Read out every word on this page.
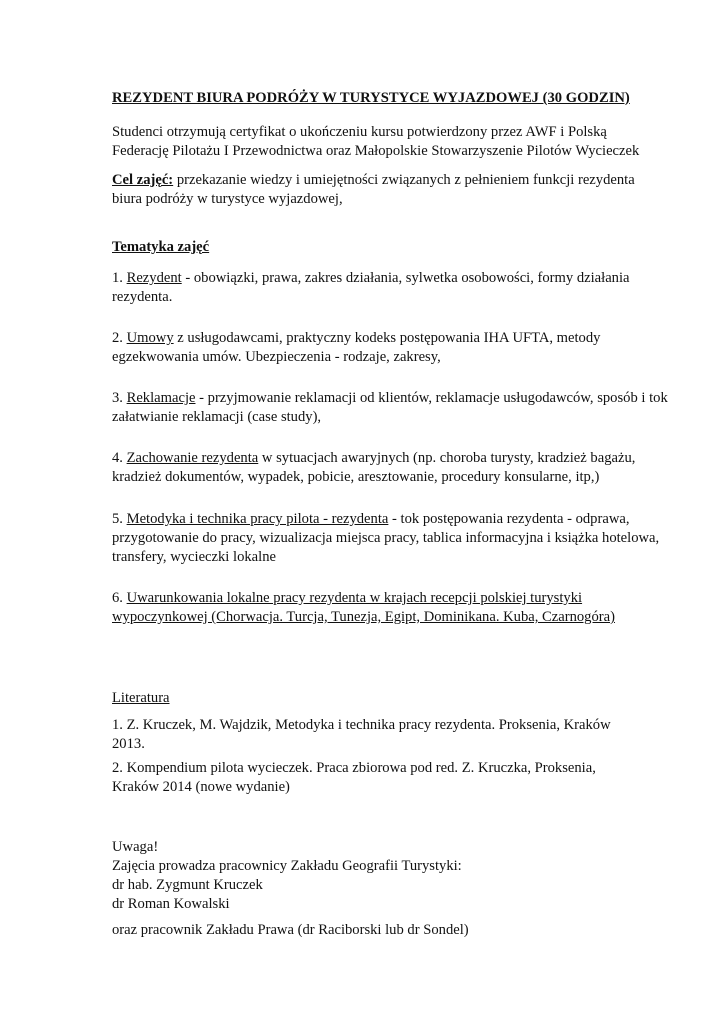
REZYDENT BIURA PODRÓŻY W TURYSTYCE WYJAZDOWEJ (30 GODZIN)

Studenci otrzymują certyfikat o ukończeniu kursu potwierdzony przez AWF i Polską
Federację Pilotażu I Przewodnictwa oraz Małopolskie Stowarzyszenie Pilotów Wycieczek

Cel zajęć: przekazanie wiedzy i umiejętności związanych z pełnieniem funkcji rezydenta
biura podróży w turystyce wyjazdowej,

Tematyka zajęć

1. Rezydent - obowiązki, prawa, zakres działania, sylwetka osobowości, formy działania
rezydenta.

2. Umowy z usługodawcami, praktyczny kodeks postępowania IHA UFTA, metody
egzekwowania umów. Ubezpieczenia - rodzaje, zakresy,

3. Reklamacje - przyjmowanie reklamacji od klientów, reklamacje usługodawców, sposób i tok
załatwianie reklamacji (case study),

4. Zachowanie rezydenta w sytuacjach awaryjnych (np. choroba turysty, kradzież bagażu,
kradzież dokumentów, wypadek, pobicie, aresztowanie, procedury konsularne, itp,)

5. Metodyka i technika pracy pilota - rezydenta - tok postępowania rezydenta - odprawa,
przygotowanie do pracy, wizualizacja miejsca pracy, tablica informacyjna i książka hotelowa,
transfery, wycieczki lokalne

6. Uwarunkowania lokalne pracy rezydenta w krajach recepcji polskiej turystyki
wypoczynkowej (Chorwacja. Turcja, Tunezja, Egipt, Dominikana. Kuba, Czarnogóra)

Literatura

1. Z. Kruczek, M. Wajdzik, Metodyka i technika pracy rezydenta. Proksenia, Kraków
2013.

2. Kompendium pilota wycieczek. Praca zbiorowa pod red. Z. Kruczka, Proksenia,
Kraków 2014 (nowe wydanie)

Uwaga!
Zajęcia prowadza pracownicy Zakładu Geografii Turystyki:
dr hab. Zygmunt Kruczek
dr Roman Kowalski

oraz pracownik Zakładu Prawa (dr Raciborski lub dr Sondel)
